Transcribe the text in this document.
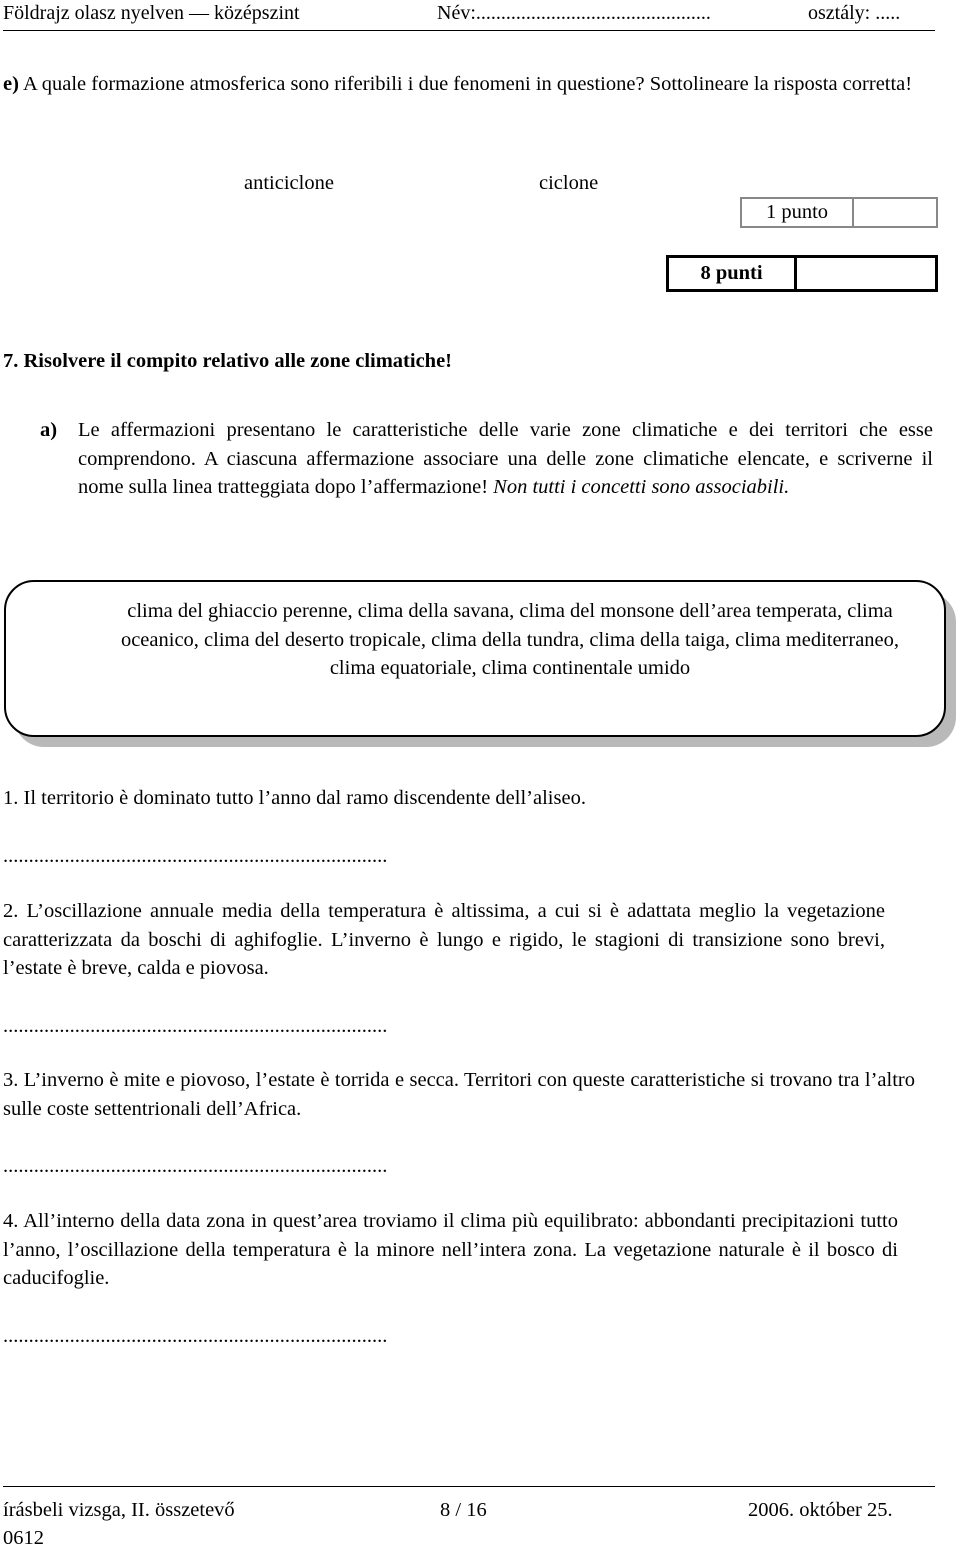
Földrajz olasz nyelven — középszint	Név:...............................................	osztály: .....
e) A quale formazione atmosferica sono riferibili i due fenomeni in questione? Sottolineare la risposta corretta!
anticiclone	ciclone
1 punto
8 punti
7. Risolvere il compito relativo alle zone climatiche!
a) Le affermazioni presentano le caratteristiche delle varie zone climatiche e dei territori che esse comprendono. A ciascuna affermazione associare una delle zone climatiche elencate, e scriverne il nome sulla linea tratteggiata dopo l’affermazione! Non tutti i concetti sono associabili.
clima del ghiaccio perenne, clima della savana, clima del monsone dell’area temperata, clima oceanico, clima del deserto tropicale, clima della tundra, clima della taiga, clima mediterraneo, clima equatoriale, clima continentale umido
1. Il territorio è dominato tutto l’anno dal ramo discendente dell’aliseo.
...........................................................................
2. L’oscillazione annuale media della temperatura è altissima, a cui si è adattata meglio la vegetazione caratterizzata da boschi di aghifoglie. L’inverno è lungo e rigido, le stagioni di transizione sono brevi, l’estate è breve, calda e piovosa.
...........................................................................
3. L’inverno è mite e piovoso, l’estate è torrida e secca. Territori con queste caratteristiche si trovano tra l’altro sulle coste settentrionali dell’Africa.
...........................................................................
4. All’interno della data zona in quest’area troviamo il clima più equilibrato: abbondanti precipitazioni tutto l’anno, l’oscillazione della temperatura è la minore nell’intera zona. La vegetazione naturale è il bosco di caducifoglie.
...........................................................................
írásbeli vizsga, II. összetevő
0612
8 / 16	2006. október 25.
